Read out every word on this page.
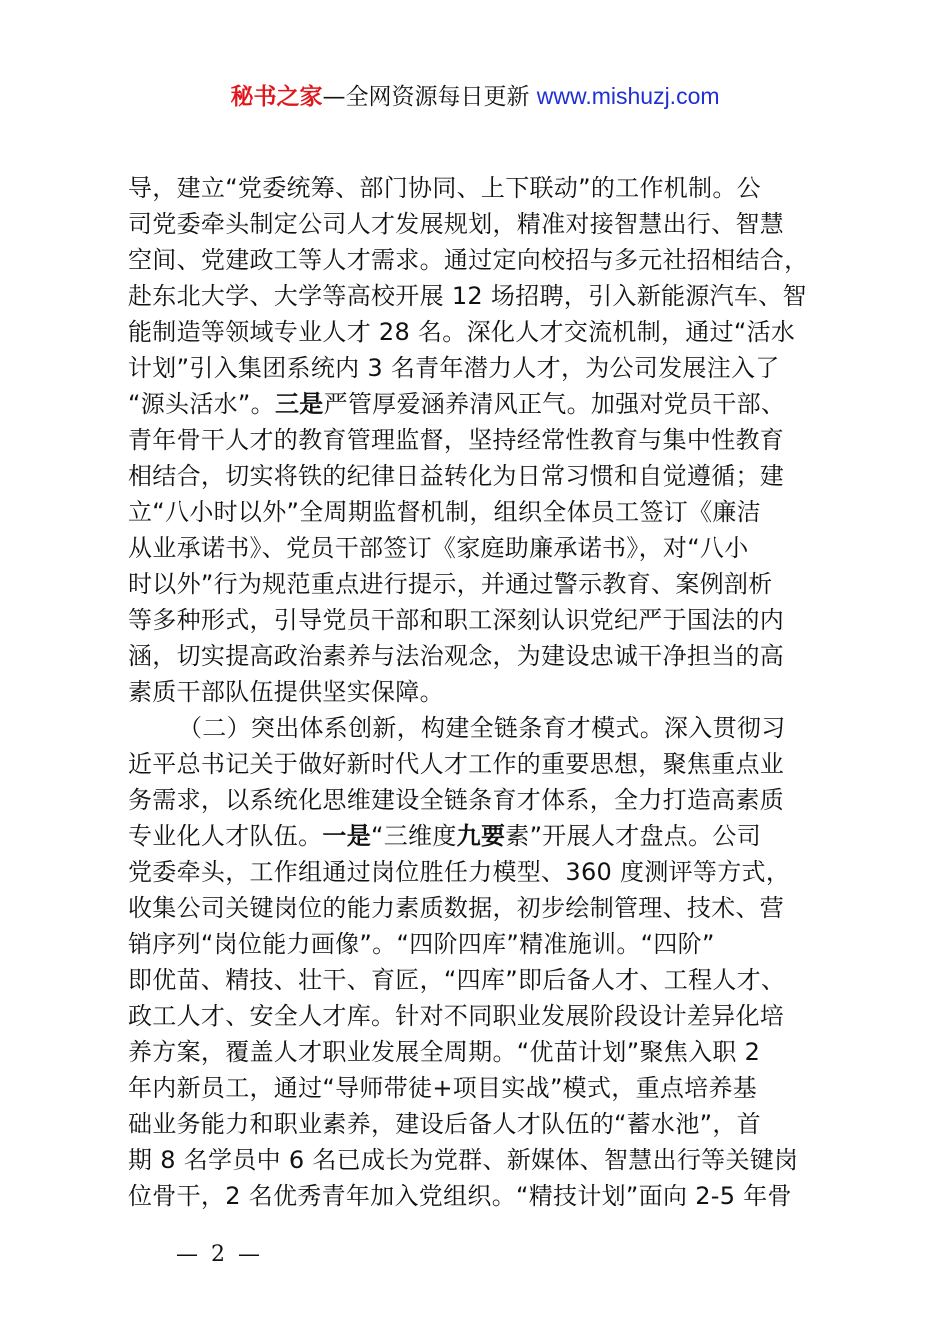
秘书之家—全网资源每日更新 www.mishuzj.com
导，建立“党委统筹、部门协同、上下联动”的工作机制。公
司党委牵头制定公司人才发展规划，精准对接智慧出行、智慧
空间、党建政工等人才需求。通过定向校招与多元社招相结合，
赴东北大学、大学等高校开展 12 场招聘，引入新能源汽车、智
能制造等领域专业人才 28 名。深化人才交流机制，通过“活水
计划”引入集团系统内 3 名青年潜力人才，为公司发展注入了
“源头活水”。三是严管厚爱涵养清风正气。加强对党员干部、
青年骨干人才的教育管理监督，坚持经常性教育与集中性教育
相结合，切实将铁的纪律日益转化为日常习惯和自觉遵循；建
立“八小时以外”全周期监督机制，组织全体员工签订《廉洁
从业承诺书》、党员干部签订《家庭助廉承诺书》，对“八小
时以外”行为规范重点进行提示，并通过警示教育、案例剖析
等多种形式，引导党员干部和职工深刻认识党纪严于国法的内
涵，切实提高政治素养与法治观念，为建设忠诚干净担当的高
素质干部队伍提供坚实保障。
（二）突出体系创新，构建全链条育才模式。深入贯彻习
近平总书记关于做好新时代人才工作的重要思想，聚焦重点业
务需求，以系统化思维建设全链条育才体系，全力打造高素质
专业化人才队伍。一是“三维度九要素”开展人才盘点。公司
党委牵头，工作组通过岗位胜任力模型、360 度测评等方式，
收集公司关键岗位的能力素质数据，初步绘制管理、技术、营
销序列“岗位能力画像”。“四阶四库”精准施训。“四阶”
即优苗、精技、壮干、育匠，“四库”即后备人才、工程人才、
政工人才、安全人才库。针对不同职业发展阶段设计差异化培
养方案，覆盖人才职业发展全周期。“优苗计划”聚焦入职 2
年内新员工，通过“导师带徒+项目实战”模式，重点培养基
础业务能力和职业素养，建设后备人才队伍的“蓄水池”，首
期 8 名学员中 6 名已成长为党群、新媒体、智慧出行等关键岗
位骨干，2 名优秀青年加入党组织。“精技计划”面向 2-5 年骨
— 2 —
